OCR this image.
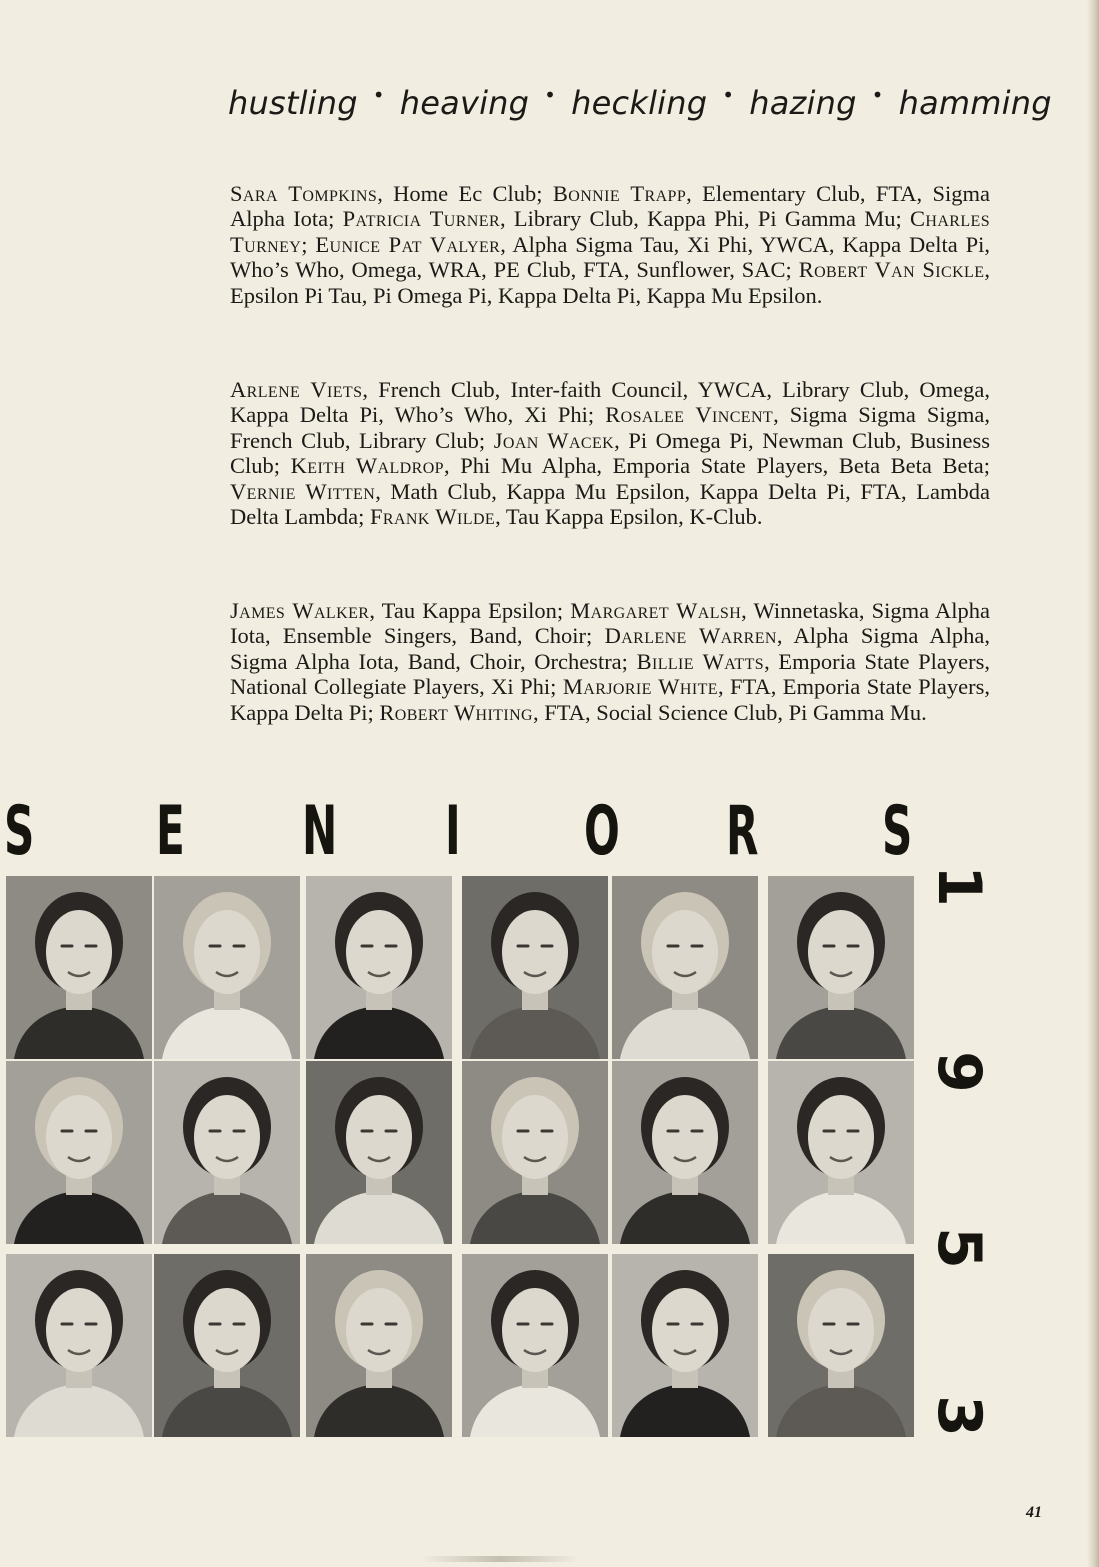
hustling • heaving • heckling • hazing • hamming

Sara Tompkins, Home Ec Club; Bonnie Trapp, Elementary Club, FTA, Sigma Alpha Iota; Patricia Turner, Library Club, Kappa Phi, Pi Gamma Mu; Charles Turney; Eunice Pat Valyer, Alpha Sigma Tau, Xi Phi, YWCA, Kappa Delta Pi, Who’s Who, Omega, WRA, PE Club, FTA, Sunflower, SAC; Robert Van Sickle, Epsilon Pi Tau, Pi Omega Pi, Kappa Delta Pi, Kappa Mu Epsilon.

Arlene Viets, French Club, Inter-faith Council, YWCA, Library Club, Omega, Kappa Delta Pi, Who’s Who, Xi Phi; Rosalee Vincent, Sigma Sigma Sigma, French Club, Library Club; Joan Wacek, Pi Omega Pi, Newman Club, Business Club; Keith Waldrop, Phi Mu Alpha, Emporia State Players, Beta Beta Beta; Vernie Witten, Math Club, Kappa Mu Epsilon, Kappa Delta Pi, FTA, Lambda Delta Lambda; Frank Wilde, Tau Kappa Epsilon, K-Club.

James Walker, Tau Kappa Epsilon; Margaret Walsh, Winnetaska, Sigma Alpha Iota, Ensemble Singers, Band, Choir; Darlene Warren, Alpha Sigma Alpha, Sigma Alpha Iota, Band, Choir, Orchestra; Billie Watts, Emporia State Players, National Collegiate Players, Xi Phi; Marjorie White, FTA, Emporia State Players, Kappa Delta Pi; Robert Whiting, FTA, Social Science Club, Pi Gamma Mu.

S E N I O R S
1
9
5
3
41
